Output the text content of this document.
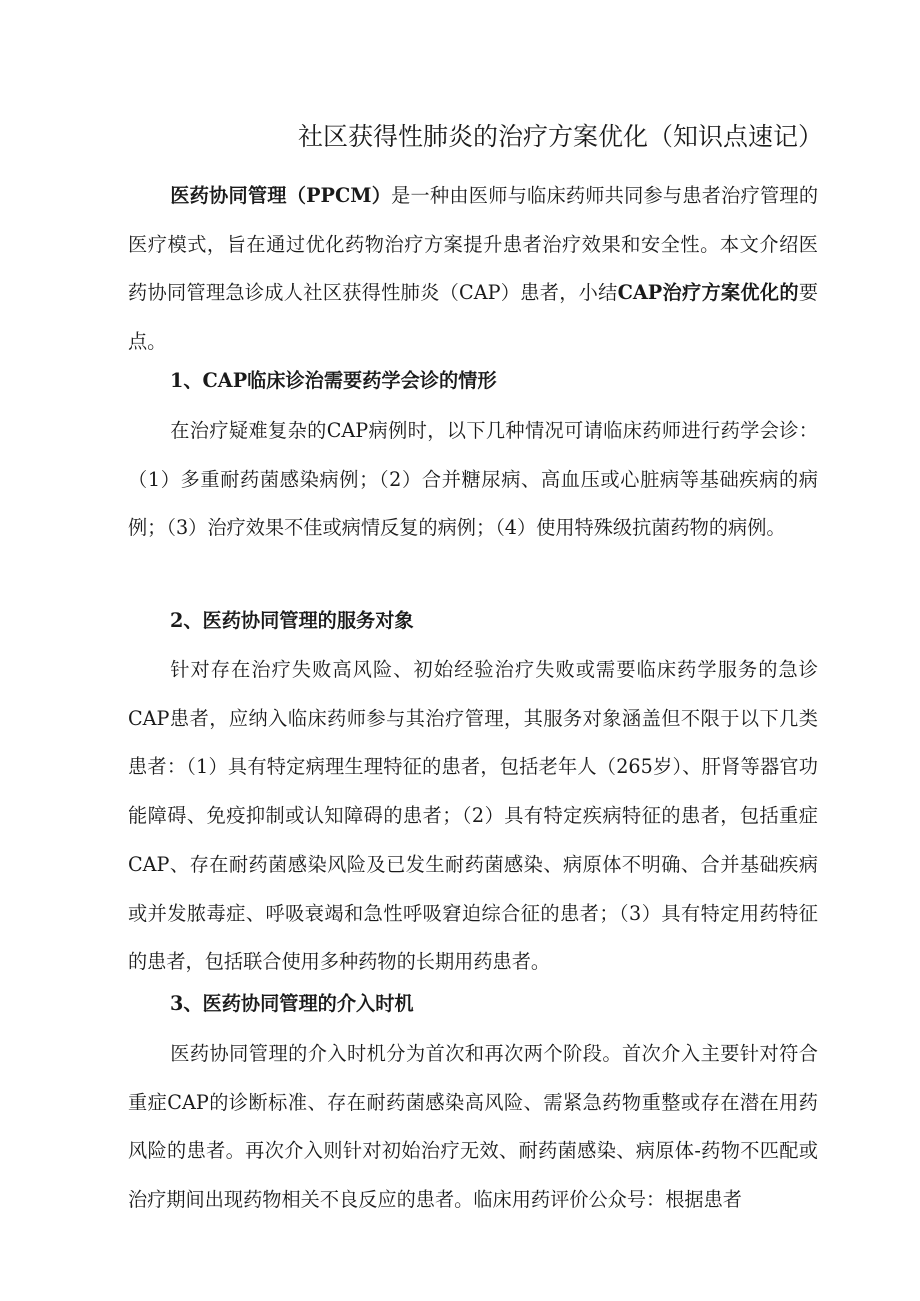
社区获得性肺炎的治疗方案优化（知识点速记）

医药协同管理（PPCM）是一种由医师与临床药师共同参与患者治疗管理的医疗模式，旨在通过优化药物治疗方案提升患者治疗效果和安全性。本文介绍医药协同管理急诊成人社区获得性肺炎（CAP）患者，小结CAP治疗方案优化的要点。

1、CAP临床诊治需要药学会诊的情形

在治疗疑难复杂的CAP病例时，以下几种情况可请临床药师进行药学会诊：（1）多重耐药菌感染病例；（2）合并糖尿病、高血压或心脏病等基础疾病的病例；（3）治疗效果不佳或病情反复的病例；（4）使用特殊级抗菌药物的病例。

2、医药协同管理的服务对象

针对存在治疗失败高风险、初始经验治疗失败或需要临床药学服务的急诊CAP患者，应纳入临床药师参与其治疗管理，其服务对象涵盖但不限于以下几类患者：（1）具有特定病理生理特征的患者，包括老年人（265岁）、肝肾等器官功能障碍、免疫抑制或认知障碍的患者；（2）具有特定疾病特征的患者，包括重症CAP、存在耐药菌感染风险及已发生耐药菌感染、病原体不明确、合并基础疾病或并发脓毒症、呼吸衰竭和急性呼吸窘迫综合征的患者；（3）具有特定用药特征的患者，包括联合使用多种药物的长期用药患者。

3、医药协同管理的介入时机

医药协同管理的介入时机分为首次和再次两个阶段。首次介入主要针对符合重症CAP的诊断标准、存在耐药菌感染高风险、需紧急药物重整或存在潜在用药风险的患者。再次介入则针对初始治疗无效、耐药菌感染、病原体-药物不匹配或治疗期间出现药物相关不良反应的患者。临床用药评价公众号：根据患者
